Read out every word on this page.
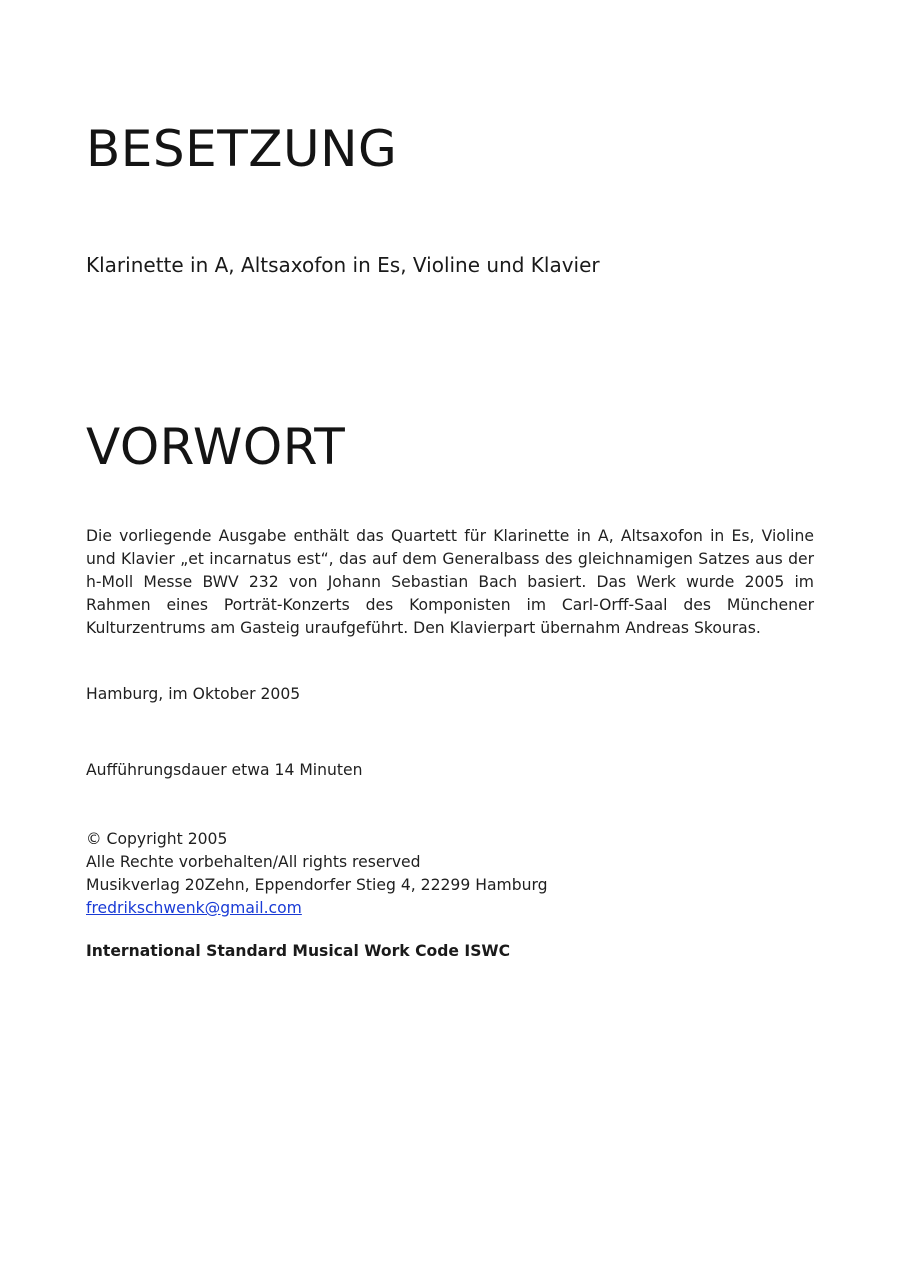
BESETZUNG

Klarinette in A, Altsaxofon in Es, Violine und Klavier

VORWORT

Die vorliegende Ausgabe enthält das Quartett für Klarinette in A, Altsaxofon in Es, Violine und Klavier „et incarnatus est“, das auf dem Generalbass des gleichnamigen Satzes aus der h-Moll Messe BWV 232 von Johann Sebastian Bach basiert. Das Werk wurde 2005 im Rahmen eines Porträt-Konzerts des Komponisten im Carl-Orff-Saal des Münchener Kulturzentrums am Gasteig uraufgeführt. Den Klavierpart übernahm Andreas Skouras.

Hamburg, im Oktober 2005

Aufführungsdauer etwa 14 Minuten

© Copyright 2005
Alle Rechte vorbehalten/All rights reserved
Musikverlag 20Zehn, Eppendorfer Stieg 4, 22299 Hamburg
fredrikschwenk@gmail.com

International Standard Musical Work Code ISWC
